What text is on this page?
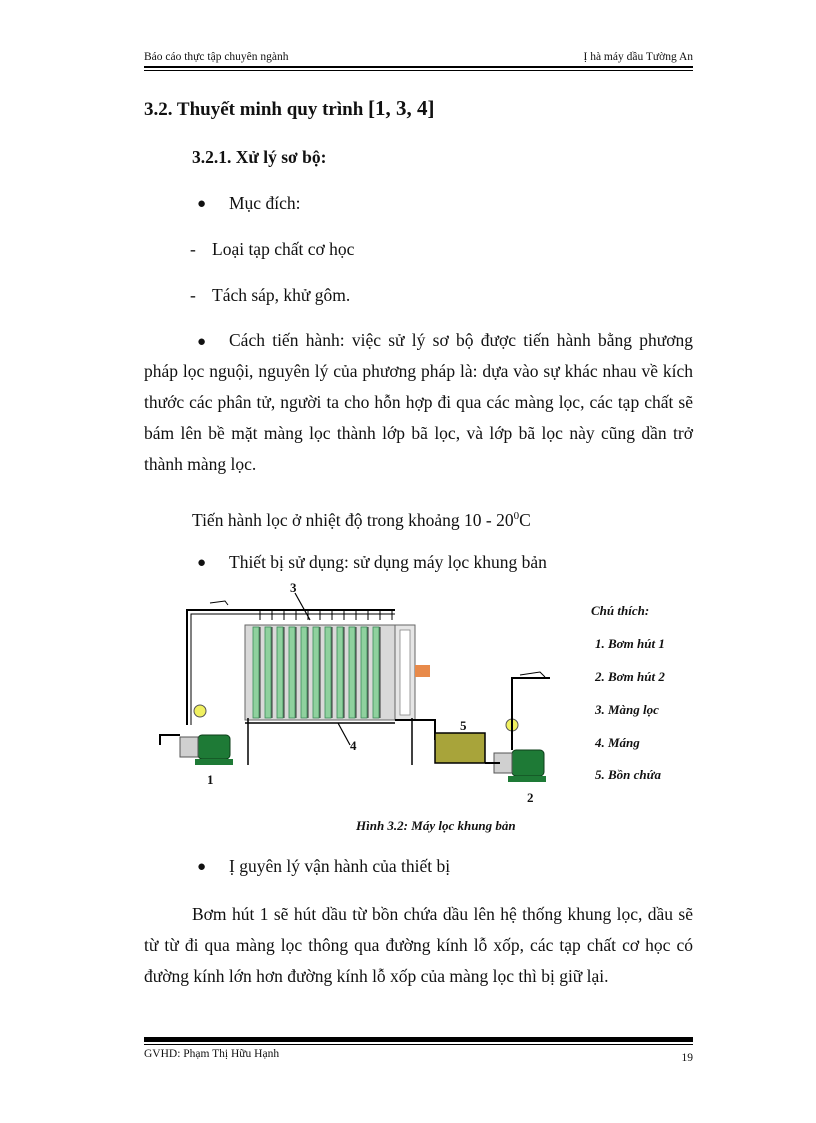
Báo cáo thực tập chuyên ngành	Ị hà máy dầu Tường An
3.2. Thuyết minh quy trình [1, 3, 4]
3.2.1. Xử lý sơ bộ:
● Mục đích:
- Loại tạp chất cơ học
- Tách sáp, khử gôm.
●	Cách tiến hành: việc sử lý sơ bộ được tiến hành bằng phương pháp lọc nguội, nguyên lý của phương pháp là: dựa vào sự khác nhau về kích thước các phân tử, người ta cho hỗn hợp đi qua các màng lọc, các tạp chất sẽ bám lên bề mặt màng lọc thành lớp bã lọc, và lớp bã lọc này cũng dần trở thành màng lọc.
Tiến hành lọc ở nhiệt độ trong khoảng $10 - 20^0C$
● Thiết bị sử dụng: sử dụng máy lọc khung bản
3
4
5
1
2
Chú thích:
1. Bơm hút 1
2. Bơm hút 2
3. Màng lọc
4. Máng
5. Bồn chứa
Hình 3.2: Máy lọc khung bản
● Ị guyên lý vận hành của thiết bị
Bơm hút 1 sẽ hút dầu từ bồn chứa dầu lên hệ thống khung lọc, dầu sẽ từ từ đi qua màng lọc thông qua đường kính lỗ xốp, các tạp chất cơ học có đường kính lớn hơn đường kính lỗ xốp của màng lọc thì bị giữ lại.
GVHD: Phạm Thị Hữu Hạnh	19
